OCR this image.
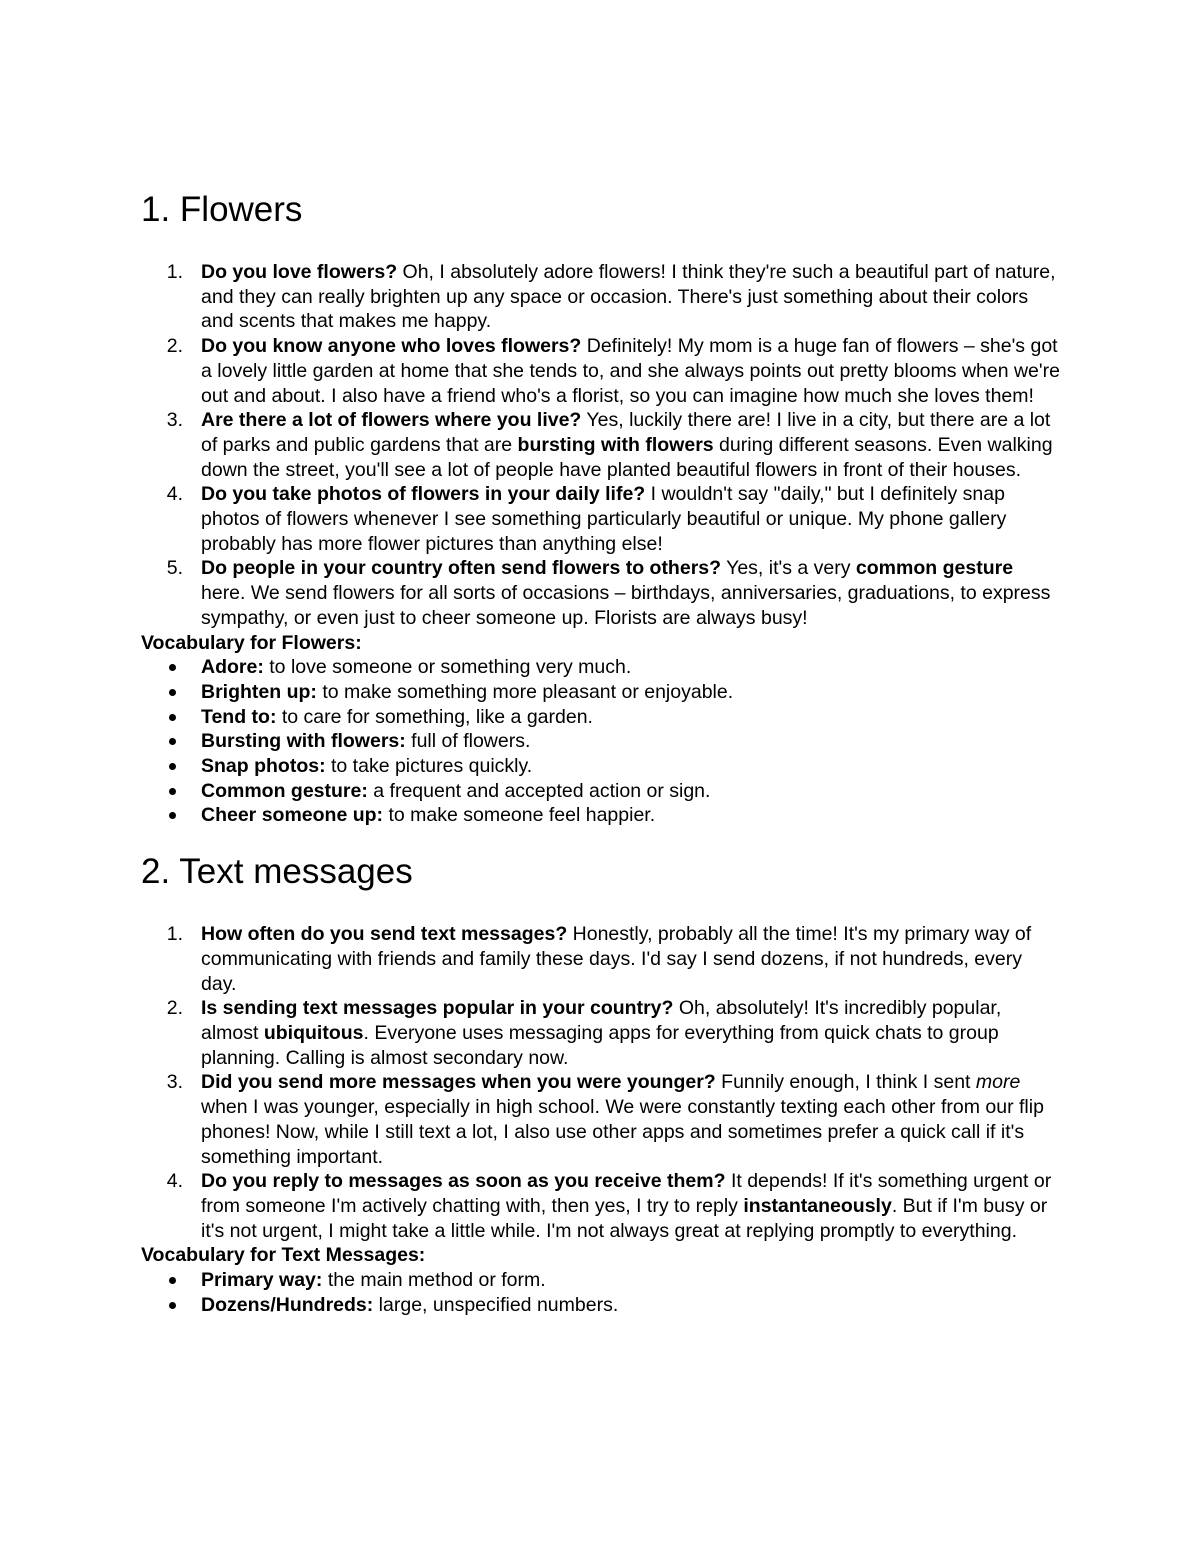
1. Flowers
1. Do you love flowers? Oh, I absolutely adore flowers! I think they're such a beautiful part of nature, and they can really brighten up any space or occasion. There's just something about their colors and scents that makes me happy.
2. Do you know anyone who loves flowers? Definitely! My mom is a huge fan of flowers – she's got a lovely little garden at home that she tends to, and she always points out pretty blooms when we're out and about. I also have a friend who's a florist, so you can imagine how much she loves them!
3. Are there a lot of flowers where you live? Yes, luckily there are! I live in a city, but there are a lot of parks and public gardens that are bursting with flowers during different seasons. Even walking down the street, you'll see a lot of people have planted beautiful flowers in front of their houses.
4. Do you take photos of flowers in your daily life? I wouldn't say "daily," but I definitely snap photos of flowers whenever I see something particularly beautiful or unique. My phone gallery probably has more flower pictures than anything else!
5. Do people in your country often send flowers to others? Yes, it's a very common gesture here. We send flowers for all sorts of occasions – birthdays, anniversaries, graduations, to express sympathy, or even just to cheer someone up. Florists are always busy!
Vocabulary for Flowers:
Adore: to love someone or something very much.
Brighten up: to make something more pleasant or enjoyable.
Tend to: to care for something, like a garden.
Bursting with flowers: full of flowers.
Snap photos: to take pictures quickly.
Common gesture: a frequent and accepted action or sign.
Cheer someone up: to make someone feel happier.
2. Text messages
1. How often do you send text messages? Honestly, probably all the time! It's my primary way of communicating with friends and family these days. I'd say I send dozens, if not hundreds, every day.
2. Is sending text messages popular in your country? Oh, absolutely! It's incredibly popular, almost ubiquitous. Everyone uses messaging apps for everything from quick chats to group planning. Calling is almost secondary now.
3. Did you send more messages when you were younger? Funnily enough, I think I sent more when I was younger, especially in high school. We were constantly texting each other from our flip phones! Now, while I still text a lot, I also use other apps and sometimes prefer a quick call if it's something important.
4. Do you reply to messages as soon as you receive them? It depends! If it's something urgent or from someone I'm actively chatting with, then yes, I try to reply instantaneously. But if I'm busy or it's not urgent, I might take a little while. I'm not always great at replying promptly to everything.
Vocabulary for Text Messages:
Primary way: the main method or form.
Dozens/Hundreds: large, unspecified numbers.
